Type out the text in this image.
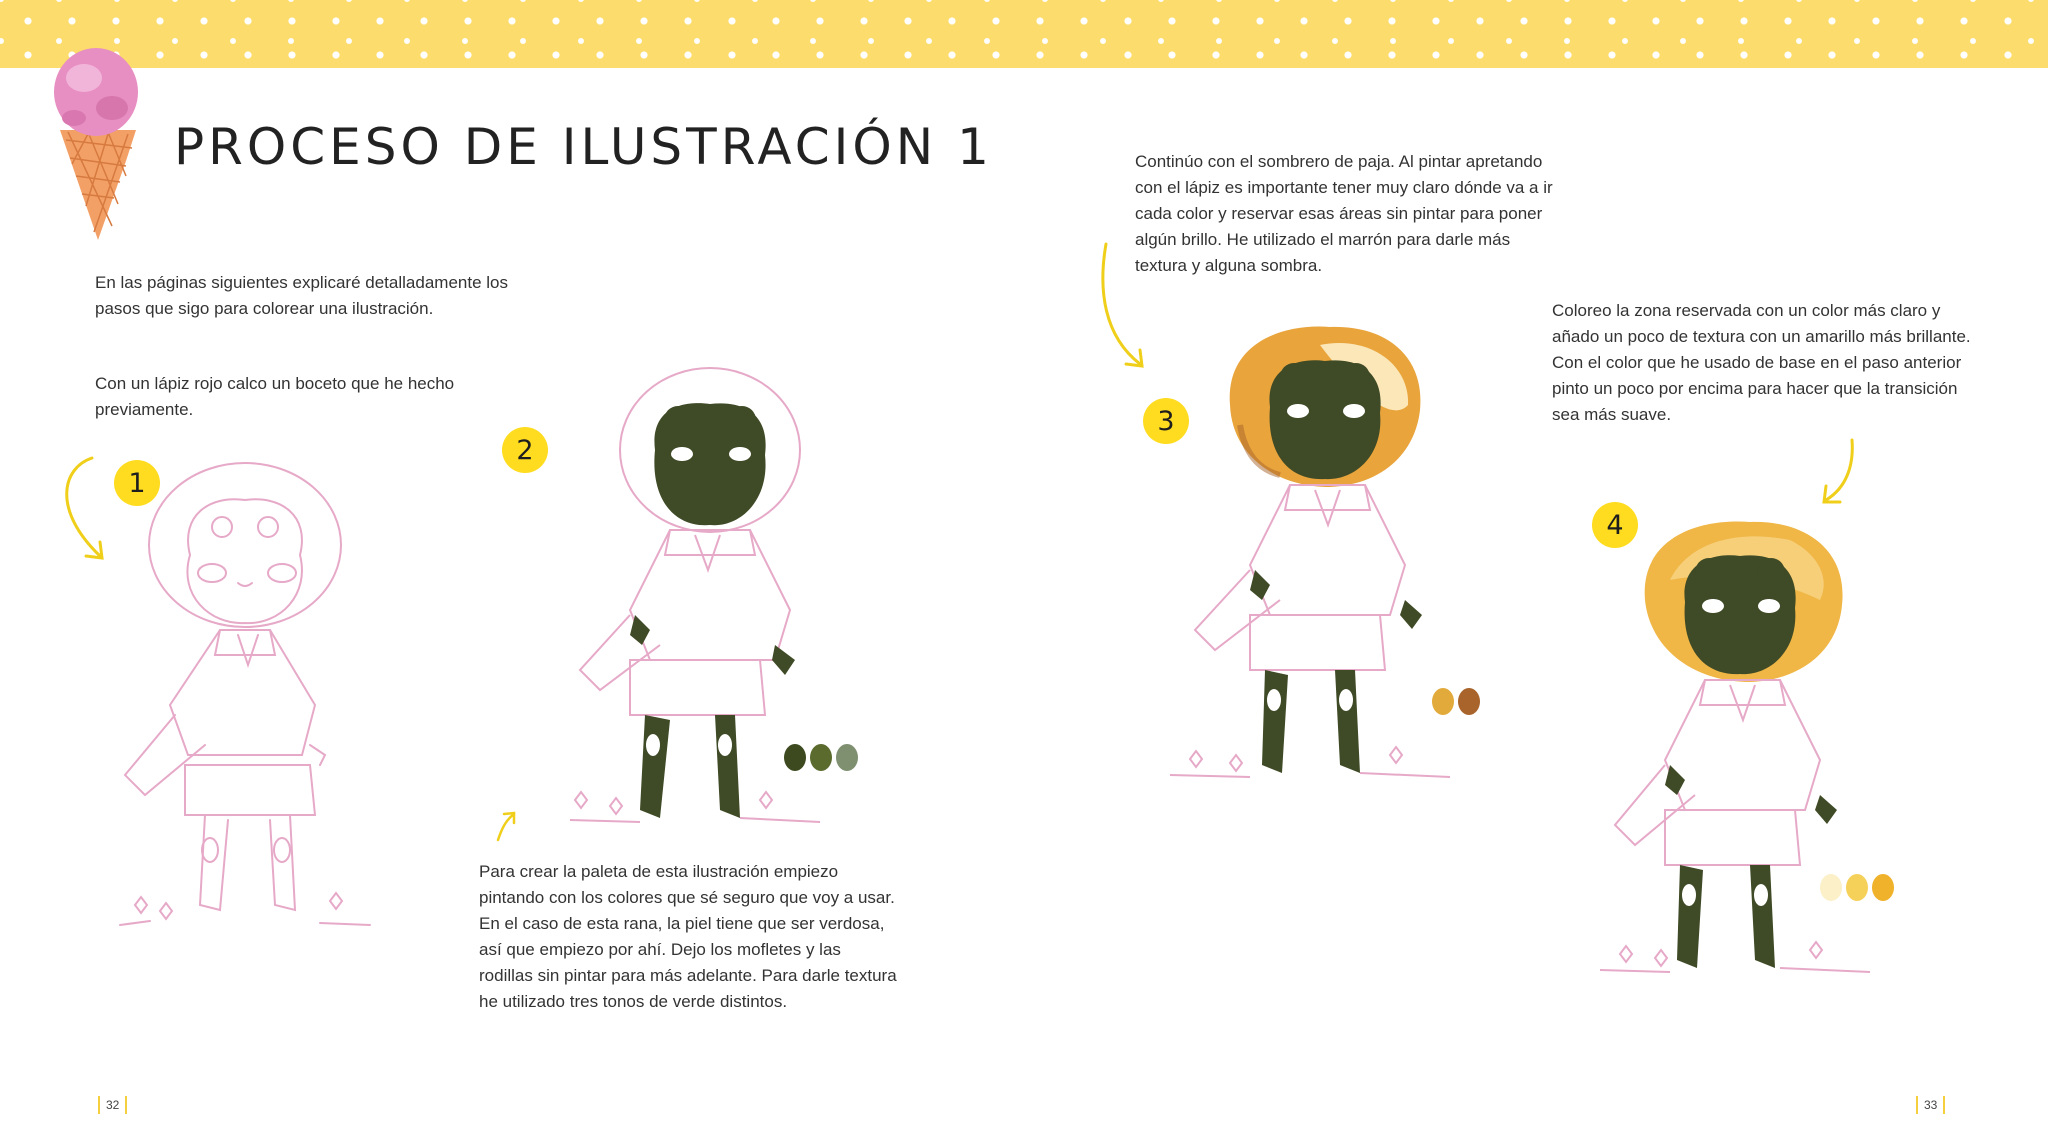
PROCESO DE ILUSTRACIÓN 1

En las páginas siguientes explicaré detalladamente los pasos que sigo para colorear una ilustración.

Con un lápiz rojo calco un boceto que he hecho previamente.

Para crear la paleta de esta ilustración empiezo pintando con los colores que sé seguro que voy a usar. En el caso de esta rana, la piel tiene que ser verdosa, así que empiezo por ahí. Dejo los mofletes y las rodillas sin pintar para más adelante. Para darle textura he utilizado tres tonos de verde distintos.

Continúo con el sombrero de paja. Al pintar apretando con el lápiz es importante tener muy claro dónde va a ir cada color y reservar esas áreas sin pintar para poner algún brillo. He utilizado el marrón para darle más textura y alguna sombra.

Coloreo la zona reservada con un color más claro y añado un poco de textura con un amarillo más brillante. Con el color que he usado de base en el paso anterior pinto un poco por encima para hacer que la transición sea más suave.

1
2
3
4
32	33
